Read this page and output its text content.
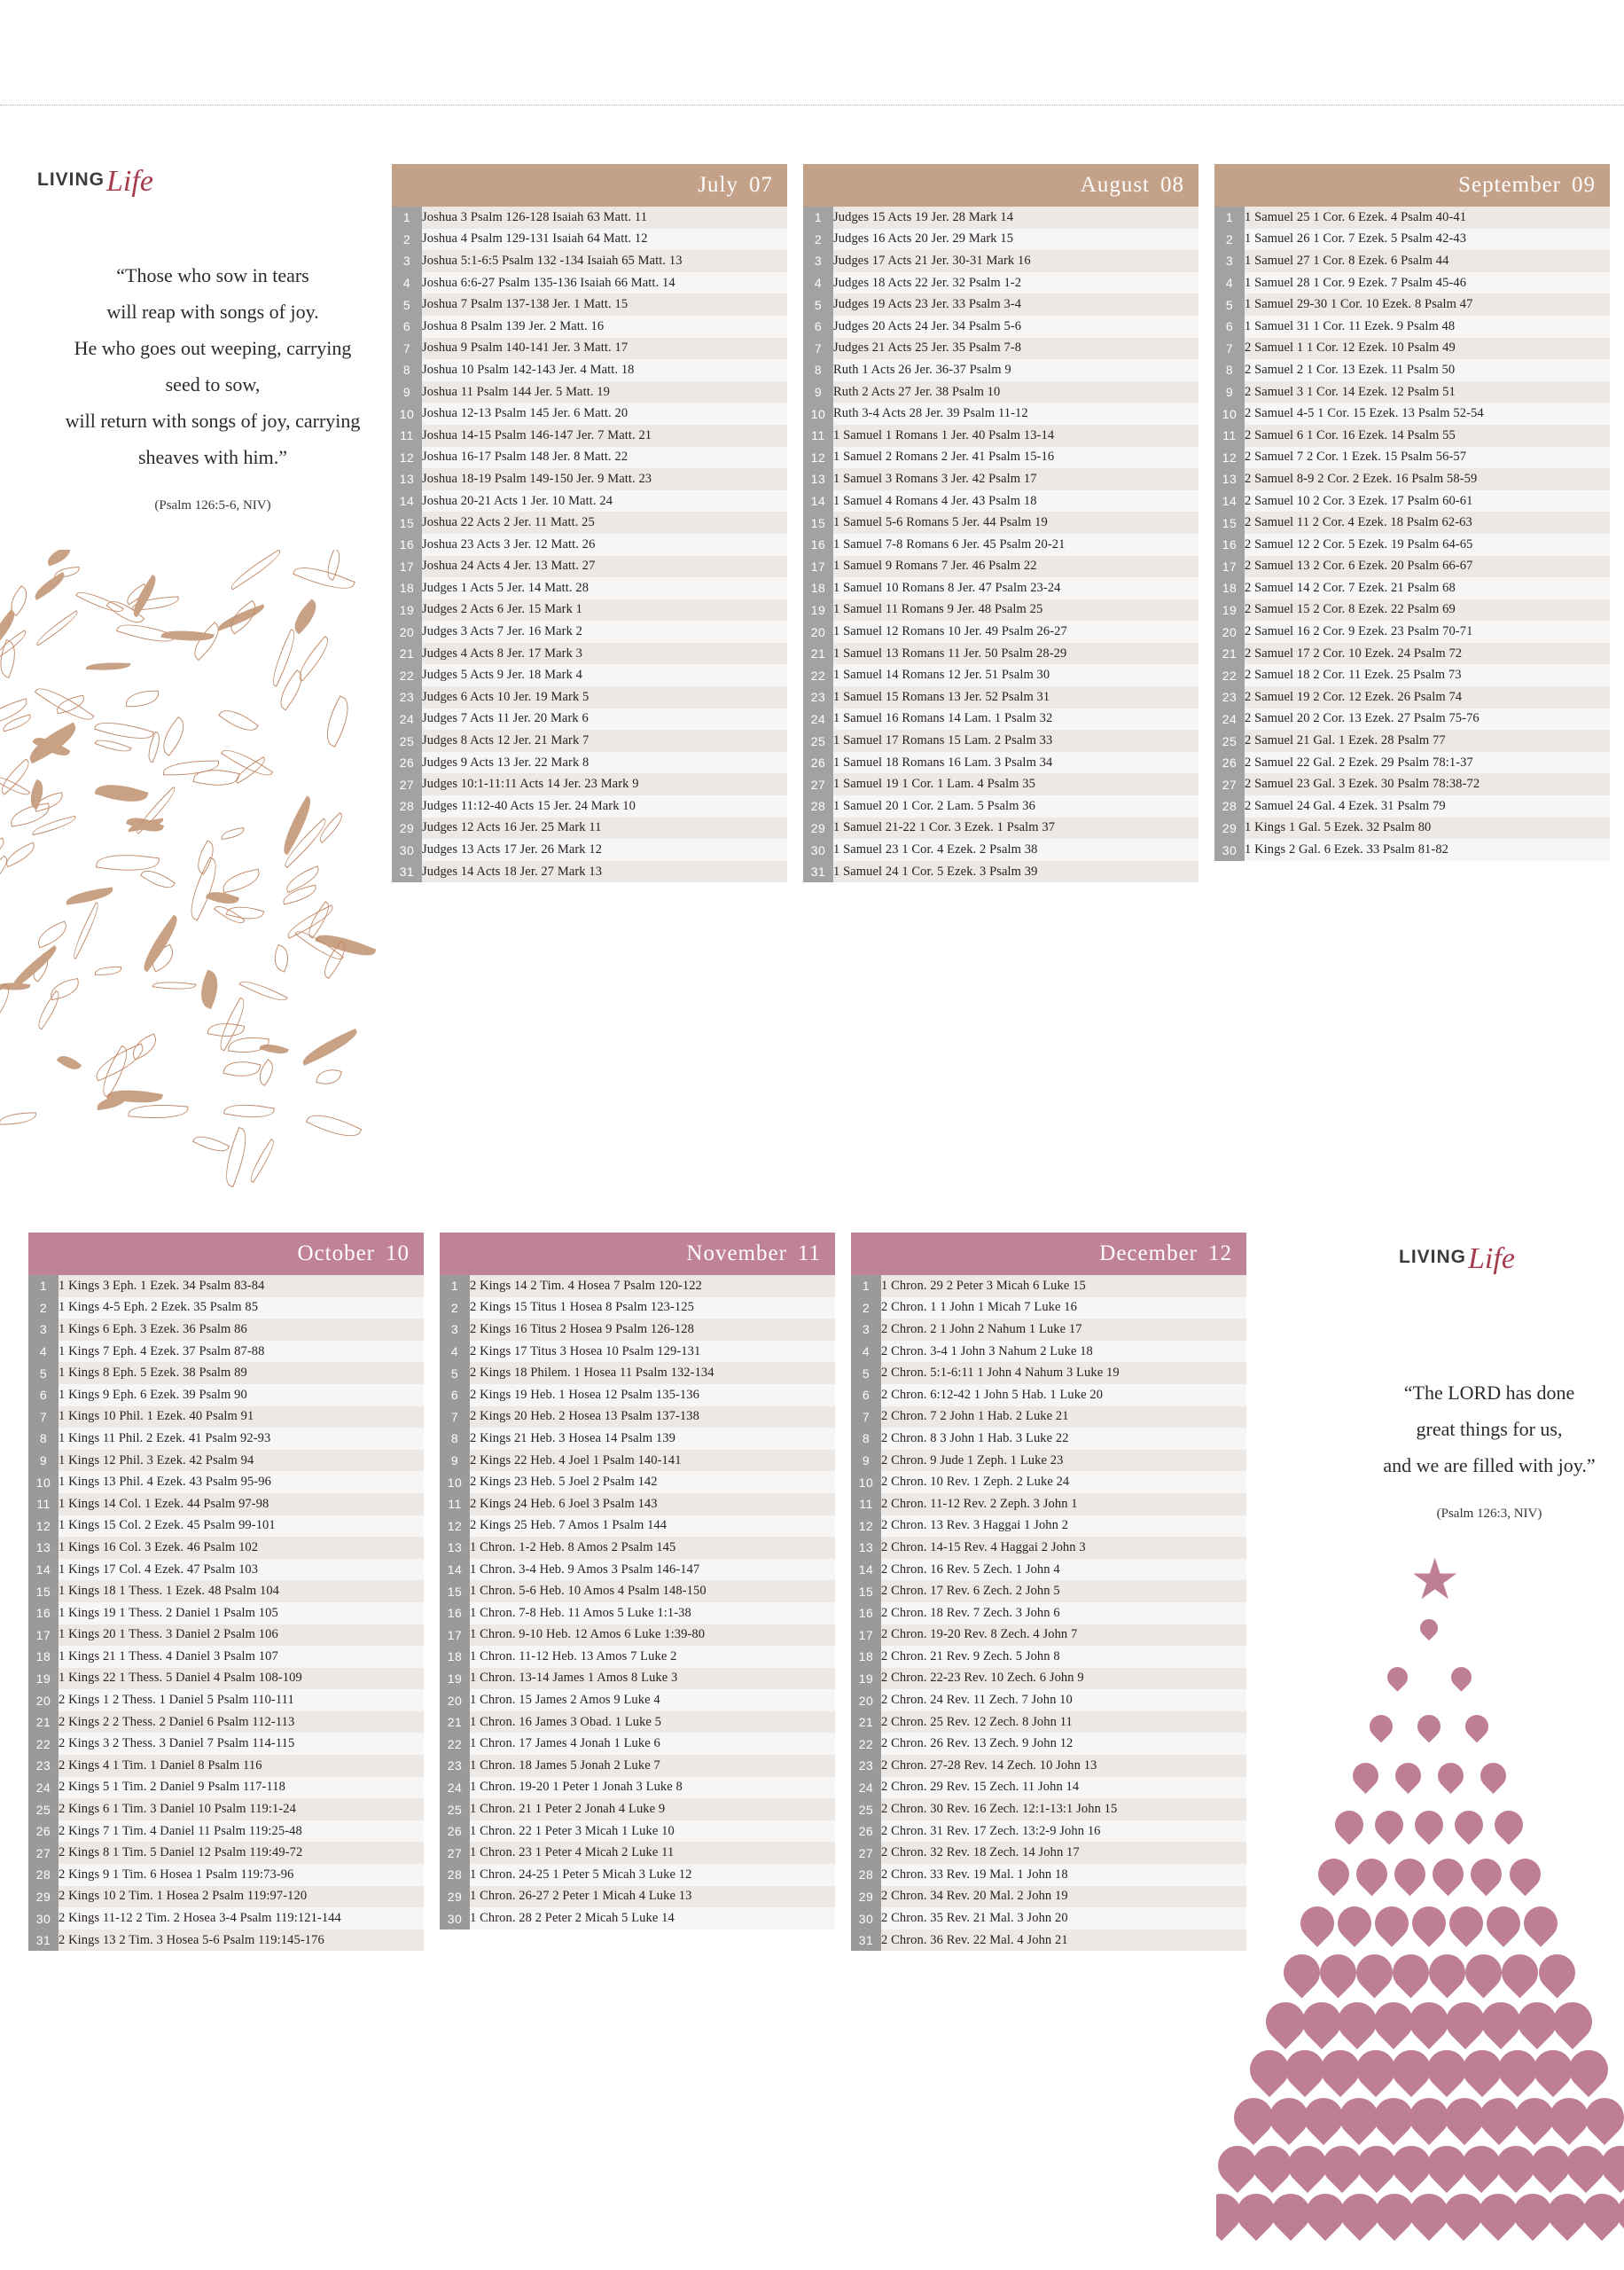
LIVINGLife
LIVINGLife
“Those who sow in tears
will reap with songs of joy.
He who goes out weeping, carrying
seed to sow,
will return with songs of joy, carrying
sheaves with him.”
(Psalm 126:5-6, NIV)
“The LORD has done
great things for us,
and we are filled with joy.”
(Psalm 126:3, NIV)
★
July 07
1	Joshua 3 Psalm 126-128 Isaiah 63 Matt. 11
2	Joshua 4 Psalm 129-131 Isaiah 64 Matt. 12
3	Joshua 5:1-6:5 Psalm 132 -134 Isaiah 65 Matt. 13
4	Joshua 6:6-27 Psalm 135-136 Isaiah 66 Matt. 14
5	Joshua 7 Psalm 137-138 Jer. 1 Matt. 15
6	Joshua 8 Psalm 139 Jer. 2 Matt. 16
7	Joshua 9 Psalm 140-141 Jer. 3 Matt. 17
8	Joshua 10 Psalm 142-143 Jer. 4 Matt. 18
9	Joshua 11 Psalm 144 Jer. 5 Matt. 19
10	Joshua 12-13 Psalm 145 Jer. 6 Matt. 20
11	Joshua 14-15 Psalm 146-147 Jer. 7 Matt. 21
12	Joshua 16-17 Psalm 148 Jer. 8 Matt. 22
13	Joshua 18-19 Psalm 149-150 Jer. 9 Matt. 23
14	Joshua 20-21 Acts 1 Jer. 10 Matt. 24
15	Joshua 22 Acts 2 Jer. 11 Matt. 25
16	Joshua 23 Acts 3 Jer. 12 Matt. 26
17	Joshua 24 Acts 4 Jer. 13 Matt. 27
18	Judges 1 Acts 5 Jer. 14 Matt. 28
19	Judges 2 Acts 6 Jer. 15 Mark 1
20	Judges 3 Acts 7 Jer. 16 Mark 2
21	Judges 4 Acts 8 Jer. 17 Mark 3
22	Judges 5 Acts 9 Jer. 18 Mark 4
23	Judges 6 Acts 10 Jer. 19 Mark 5
24	Judges 7 Acts 11 Jer. 20 Mark 6
25	Judges 8 Acts 12 Jer. 21 Mark 7
26	Judges 9 Acts 13 Jer. 22 Mark 8
27	Judges 10:1-11:11 Acts 14 Jer. 23 Mark 9
28	Judges 11:12-40 Acts 15 Jer. 24 Mark 10
29	Judges 12 Acts 16 Jer. 25 Mark 11
30	Judges 13 Acts 17 Jer. 26 Mark 12
31	Judges 14 Acts 18 Jer. 27 Mark 13
August 08
1	Judges 15 Acts 19 Jer. 28 Mark 14
2	Judges 16 Acts 20 Jer. 29 Mark 15
3	Judges 17 Acts 21 Jer. 30-31 Mark 16
4	Judges 18 Acts 22 Jer. 32 Psalm 1-2
5	Judges 19 Acts 23 Jer. 33 Psalm 3-4
6	Judges 20 Acts 24 Jer. 34 Psalm 5-6
7	Judges 21 Acts 25 Jer. 35 Psalm 7-8
8	Ruth 1 Acts 26 Jer. 36-37 Psalm 9
9	Ruth 2 Acts 27 Jer. 38 Psalm 10
10	Ruth 3-4 Acts 28 Jer. 39 Psalm 11-12
11	1 Samuel 1 Romans 1 Jer. 40 Psalm 13-14
12	1 Samuel 2 Romans 2 Jer. 41 Psalm 15-16
13	1 Samuel 3 Romans 3 Jer. 42 Psalm 17
14	1 Samuel 4 Romans 4 Jer. 43 Psalm 18
15	1 Samuel 5-6 Romans 5 Jer. 44 Psalm 19
16	1 Samuel 7-8 Romans 6 Jer. 45 Psalm 20-21
17	1 Samuel 9 Romans 7 Jer. 46 Psalm 22
18	1 Samuel 10 Romans 8 Jer. 47 Psalm 23-24
19	1 Samuel 11 Romans 9 Jer. 48 Psalm 25
20	1 Samuel 12 Romans 10 Jer. 49 Psalm 26-27
21	1 Samuel 13 Romans 11 Jer. 50 Psalm 28-29
22	1 Samuel 14 Romans 12 Jer. 51 Psalm 30
23	1 Samuel 15 Romans 13 Jer. 52 Psalm 31
24	1 Samuel 16 Romans 14 Lam. 1 Psalm 32
25	1 Samuel 17 Romans 15 Lam. 2 Psalm 33
26	1 Samuel 18 Romans 16 Lam. 3 Psalm 34
27	1 Samuel 19 1 Cor. 1 Lam. 4 Psalm 35
28	1 Samuel 20 1 Cor. 2 Lam. 5 Psalm 36
29	1 Samuel 21-22 1 Cor. 3 Ezek. 1 Psalm 37
30	1 Samuel 23 1 Cor. 4 Ezek. 2 Psalm 38
31	1 Samuel 24 1 Cor. 5 Ezek. 3 Psalm 39
September 09
1	1 Samuel 25 1 Cor. 6 Ezek. 4 Psalm 40-41
2	1 Samuel 26 1 Cor. 7 Ezek. 5 Psalm 42-43
3	1 Samuel 27 1 Cor. 8 Ezek. 6 Psalm 44
4	1 Samuel 28 1 Cor. 9 Ezek. 7 Psalm 45-46
5	1 Samuel 29-30 1 Cor. 10 Ezek. 8 Psalm 47
6	1 Samuel 31 1 Cor. 11 Ezek. 9 Psalm 48
7	2 Samuel 1 1 Cor. 12 Ezek. 10 Psalm 49
8	2 Samuel 2 1 Cor. 13 Ezek. 11 Psalm 50
9	2 Samuel 3 1 Cor. 14 Ezek. 12 Psalm 51
10	2 Samuel 4-5 1 Cor. 15 Ezek. 13 Psalm 52-54
11	2 Samuel 6 1 Cor. 16 Ezek. 14 Psalm 55
12	2 Samuel 7 2 Cor. 1 Ezek. 15 Psalm 56-57
13	2 Samuel 8-9 2 Cor. 2 Ezek. 16 Psalm 58-59
14	2 Samuel 10 2 Cor. 3 Ezek. 17 Psalm 60-61
15	2 Samuel 11 2 Cor. 4 Ezek. 18 Psalm 62-63
16	2 Samuel 12 2 Cor. 5 Ezek. 19 Psalm 64-65
17	2 Samuel 13 2 Cor. 6 Ezek. 20 Psalm 66-67
18	2 Samuel 14 2 Cor. 7 Ezek. 21 Psalm 68
19	2 Samuel 15 2 Cor. 8 Ezek. 22 Psalm 69
20	2 Samuel 16 2 Cor. 9 Ezek. 23 Psalm 70-71
21	2 Samuel 17 2 Cor. 10 Ezek. 24 Psalm 72
22	2 Samuel 18 2 Cor. 11 Ezek. 25 Psalm 73
23	2 Samuel 19 2 Cor. 12 Ezek. 26 Psalm 74
24	2 Samuel 20 2 Cor. 13 Ezek. 27 Psalm 75-76
25	2 Samuel 21 Gal. 1 Ezek. 28 Psalm 77
26	2 Samuel 22 Gal. 2 Ezek. 29 Psalm 78:1-37
27	2 Samuel 23 Gal. 3 Ezek. 30 Psalm 78:38-72
28	2 Samuel 24 Gal. 4 Ezek. 31 Psalm 79
29	1 Kings 1 Gal. 5 Ezek. 32 Psalm 80
30	1 Kings 2 Gal. 6 Ezek. 33 Psalm 81-82

October 10
1	1 Kings 3 Eph. 1 Ezek. 34 Psalm 83-84
2	1 Kings 4-5 Eph. 2 Ezek. 35 Psalm 85
3	1 Kings 6 Eph. 3 Ezek. 36 Psalm 86
4	1 Kings 7 Eph. 4 Ezek. 37 Psalm 87-88
5	1 Kings 8 Eph. 5 Ezek. 38 Psalm 89
6	1 Kings 9 Eph. 6 Ezek. 39 Psalm 90
7	1 Kings 10 Phil. 1 Ezek. 40 Psalm 91
8	1 Kings 11 Phil. 2 Ezek. 41 Psalm 92-93
9	1 Kings 12 Phil. 3 Ezek. 42 Psalm 94
10	1 Kings 13 Phil. 4 Ezek. 43 Psalm 95-96
11	1 Kings 14 Col. 1 Ezek. 44 Psalm 97-98
12	1 Kings 15 Col. 2 Ezek. 45 Psalm 99-101
13	1 Kings 16 Col. 3 Ezek. 46 Psalm 102
14	1 Kings 17 Col. 4 Ezek. 47 Psalm 103
15	1 Kings 18 1 Thess. 1 Ezek. 48 Psalm 104
16	1 Kings 19 1 Thess. 2 Daniel 1 Psalm 105
17	1 Kings 20 1 Thess. 3 Daniel 2 Psalm 106
18	1 Kings 21 1 Thess. 4 Daniel 3 Psalm 107
19	1 Kings 22 1 Thess. 5 Daniel 4 Psalm 108-109
20	2 Kings 1 2 Thess. 1 Daniel 5 Psalm 110-111
21	2 Kings 2 2 Thess. 2 Daniel 6 Psalm 112-113
22	2 Kings 3 2 Thess. 3 Daniel 7 Psalm 114-115
23	2 Kings 4 1 Tim. 1 Daniel 8 Psalm 116
24	2 Kings 5 1 Tim. 2 Daniel 9 Psalm 117-118
25	2 Kings 6 1 Tim. 3 Daniel 10 Psalm 119:1-24
26	2 Kings 7 1 Tim. 4 Daniel 11 Psalm 119:25-48
27	2 Kings 8 1 Tim. 5 Daniel 12 Psalm 119:49-72
28	2 Kings 9 1 Tim. 6 Hosea 1 Psalm 119:73-96
29	2 Kings 10 2 Tim. 1 Hosea 2 Psalm 119:97-120
30	2 Kings 11-12 2 Tim. 2 Hosea 3-4 Psalm 119:121-144
31	2 Kings 13 2 Tim. 3 Hosea 5-6 Psalm 119:145-176
November 11
1	2 Kings 14 2 Tim. 4 Hosea 7 Psalm 120-122
2	2 Kings 15 Titus 1 Hosea 8 Psalm 123-125
3	2 Kings 16 Titus 2 Hosea 9 Psalm 126-128
4	2 Kings 17 Titus 3 Hosea 10 Psalm 129-131
5	2 Kings 18 Philem. 1 Hosea 11 Psalm 132-134
6	2 Kings 19 Heb. 1 Hosea 12 Psalm 135-136
7	2 Kings 20 Heb. 2 Hosea 13 Psalm 137-138
8	2 Kings 21 Heb. 3 Hosea 14 Psalm 139
9	2 Kings 22 Heb. 4 Joel 1 Psalm 140-141
10	2 Kings 23 Heb. 5 Joel 2 Psalm 142
11	2 Kings 24 Heb. 6 Joel 3 Psalm 143
12	2 Kings 25 Heb. 7 Amos 1 Psalm 144
13	1 Chron. 1-2 Heb. 8 Amos 2 Psalm 145
14	1 Chron. 3-4 Heb. 9 Amos 3 Psalm 146-147
15	1 Chron. 5-6 Heb. 10 Amos 4 Psalm 148-150
16	1 Chron. 7-8 Heb. 11 Amos 5 Luke 1:1-38
17	1 Chron. 9-10 Heb. 12 Amos 6 Luke 1:39-80
18	1 Chron. 11-12 Heb. 13 Amos 7 Luke 2
19	1 Chron. 13-14 James 1 Amos 8 Luke 3
20	1 Chron. 15 James 2 Amos 9 Luke 4
21	1 Chron. 16 James 3 Obad. 1 Luke 5
22	1 Chron. 17 James 4 Jonah 1 Luke 6
23	1 Chron. 18 James 5 Jonah 2 Luke 7
24	1 Chron. 19-20 1 Peter 1 Jonah 3 Luke 8
25	1 Chron. 21 1 Peter 2 Jonah 4 Luke 9
26	1 Chron. 22 1 Peter 3 Micah 1 Luke 10
27	1 Chron. 23 1 Peter 4 Micah 2 Luke 11
28	1 Chron. 24-25 1 Peter 5 Micah 3 Luke 12
29	1 Chron. 26-27 2 Peter 1 Micah 4 Luke 13
30	1 Chron. 28 2 Peter 2 Micah 5 Luke 14

December 12
1	1 Chron. 29 2 Peter 3 Micah 6 Luke 15
2	2 Chron. 1 1 John 1 Micah 7 Luke 16
3	2 Chron. 2 1 John 2 Nahum 1 Luke 17
4	2 Chron. 3-4 1 John 3 Nahum 2 Luke 18
5	2 Chron. 5:1-6:11 1 John 4 Nahum 3 Luke 19
6	2 Chron. 6:12-42 1 John 5 Hab. 1 Luke 20
7	2 Chron. 7 2 John 1 Hab. 2 Luke 21
8	2 Chron. 8 3 John 1 Hab. 3 Luke 22
9	2 Chron. 9 Jude 1 Zeph. 1 Luke 23
10	2 Chron. 10 Rev. 1 Zeph. 2 Luke 24
11	2 Chron. 11-12 Rev. 2 Zeph. 3 John 1
12	2 Chron. 13 Rev. 3 Haggai 1 John 2
13	2 Chron. 14-15 Rev. 4 Haggai 2 John 3
14	2 Chron. 16 Rev. 5 Zech. 1 John 4
15	2 Chron. 17 Rev. 6 Zech. 2 John 5
16	2 Chron. 18 Rev. 7 Zech. 3 John 6
17	2 Chron. 19-20 Rev. 8 Zech. 4 John 7
18	2 Chron. 21 Rev. 9 Zech. 5 John 8
19	2 Chron. 22-23 Rev. 10 Zech. 6 John 9
20	2 Chron. 24 Rev. 11 Zech. 7 John 10
21	2 Chron. 25 Rev. 12 Zech. 8 John 11
22	2 Chron. 26 Rev. 13 Zech. 9 John 12
23	2 Chron. 27-28 Rev. 14 Zech. 10 John 13
24	2 Chron. 29 Rev. 15 Zech. 11 John 14
25	2 Chron. 30 Rev. 16 Zech. 12:1-13:1 John 15
26	2 Chron. 31 Rev. 17 Zech. 13:2-9 John 16
27	2 Chron. 32 Rev. 18 Zech. 14 John 17
28	2 Chron. 33 Rev. 19 Mal. 1 John 18
29	2 Chron. 34 Rev. 20 Mal. 2 John 19
30	2 Chron. 35 Rev. 21 Mal. 3 John 20
31	2 Chron. 36 Rev. 22 Mal. 4 John 21
